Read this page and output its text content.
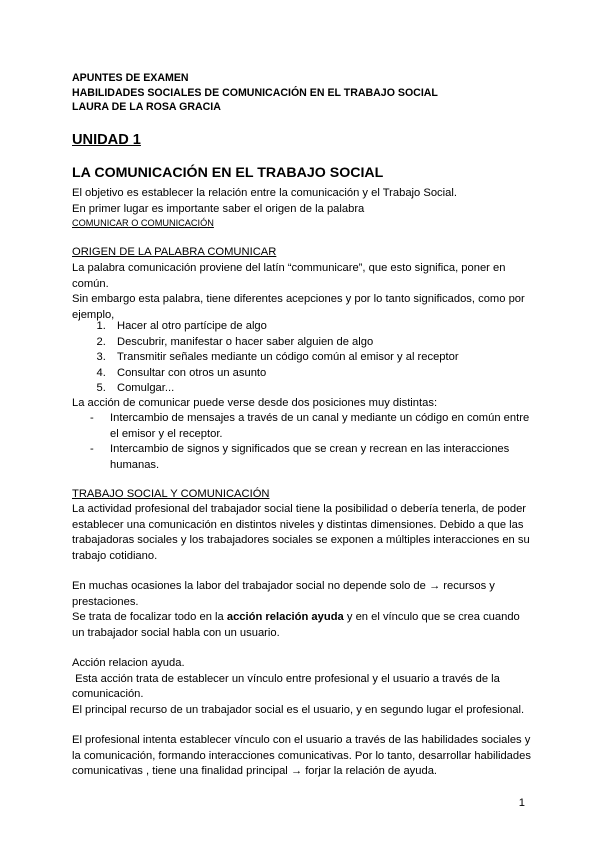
APUNTES DE EXAMEN

HABILIDADES SOCIALES DE COMUNICACIÓN EN EL TRABAJO SOCIAL

LAURA DE LA ROSA GRACIA

UNIDAD 1
LA COMUNICACIÓN EN EL TRABAJO SOCIAL

El objetivo es establecer la relación entre la comunicación y el Trabajo Social.

En primer lugar es importante saber el origen de la palabra

COMUNICAR O COMUNICACIÓN

ORIGEN DE LA PALABRA COMUNICAR
La palabra comunicación proviene del latín “communicare”, que esto significa, poner en común.
Sin embargo esta palabra, tiene diferentes acepciones y por lo tanto significados, como por ejemplo,
1. Hacer al otro partícipe de algo
2. Descubrir, manifestar o hacer saber alguien de algo
3. Transmitir señales mediante un código común al emisor y al receptor
4. Consultar con otros un asunto
5. Comulgar...
La acción de comunicar puede verse desde dos posiciones muy distintas:
- Intercambio de mensajes a través de un canal y mediante un código en común entre el emisor y el receptor.
- Intercambio de signos y significados que se crean y recrean en las interacciones humanas.
TRABAJO SOCIAL Y COMUNICACIÓN
La actividad profesional del trabajador social tiene la posibilidad o debería tenerla, de poder establecer una comunicación en distintos niveles y distintas dimensiones. Debido a que las trabajadoras sociales y los trabajadores sociales se exponen a múltiples interacciones en su trabajo cotidiano.
En muchas ocasiones la labor del trabajador social no depende solo de → recursos y prestaciones.
Se trata de focalizar todo en la acción relación ayuda y en el vínculo que se crea cuando un trabajador social habla con un usuario.

Acción relacion ayuda.

Esta acción trata de establecer un vínculo entre profesional y el usuario a través de la comunicación.

El principal recurso de un trabajador social es el usuario, y en segundo lugar el profesional.

El profesional intenta establecer vínculo con el usuario a través de las habilidades sociales y la comunicación, formando interacciones comunicativas. Por lo tanto, desarrollar habilidades comunicativas , tiene una finalidad principal → forjar la relación de ayuda.
1
